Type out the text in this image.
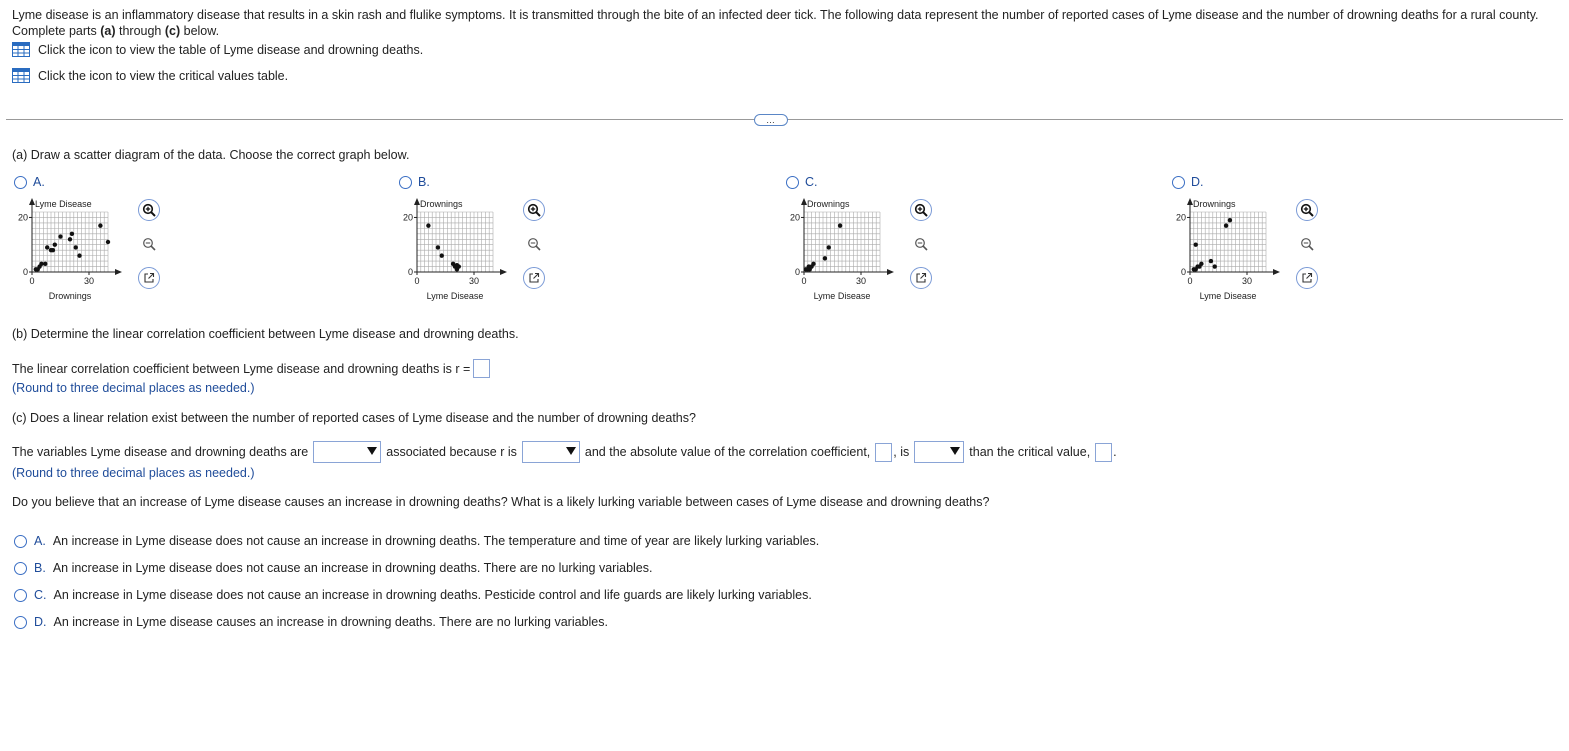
Lyme disease is an inflammatory disease that results in a skin rash and flulike symptoms. It is transmitted through the bite of an infected deer tick. The following data represent the number of reported cases of Lyme disease and the number of drowning deaths for a rural county. Complete parts (a) through (c) below.
Click the icon to view the table of Lyme disease and drowning deaths.
Click the icon to view the critical values table.
…
(a) Draw a scatter diagram of the data. Choose the correct graph below.
A.
Lyme Disease
Drownings
20
0
0	30
B.
Drownings
Lyme Disease
20
0
0	30
C.
Drownings
Lyme Disease
20
0
0	30
D.
Drownings
Lyme Disease
20
0
0	30
(b) Determine the linear correlation coefficient between Lyme disease and drowning deaths.
The linear correlation coefficient between Lyme disease and drowning deaths is r =
(Round to three decimal places as needed.)
(c) Does a linear relation exist between the number of reported cases of Lyme disease and the number of drowning deaths?
The variables Lyme disease and drowning deaths are	associated because r is	and the absolute value of the correlation coefficient, , is	than the critical value, .
(Round to three decimal places as needed.)
Do you believe that an increase of Lyme disease causes an increase in drowning deaths? What is a likely lurking variable between cases of Lyme disease and drowning deaths?
A. An increase in Lyme disease does not cause an increase in drowning deaths. The temperature and time of year are likely lurking variables.
B. An increase in Lyme disease does not cause an increase in drowning deaths. There are no lurking variables.
C. An increase in Lyme disease does not cause an increase in drowning deaths. Pesticide control and life guards are likely lurking variables.
D. An increase in Lyme disease causes an increase in drowning deaths. There are no lurking variables.
